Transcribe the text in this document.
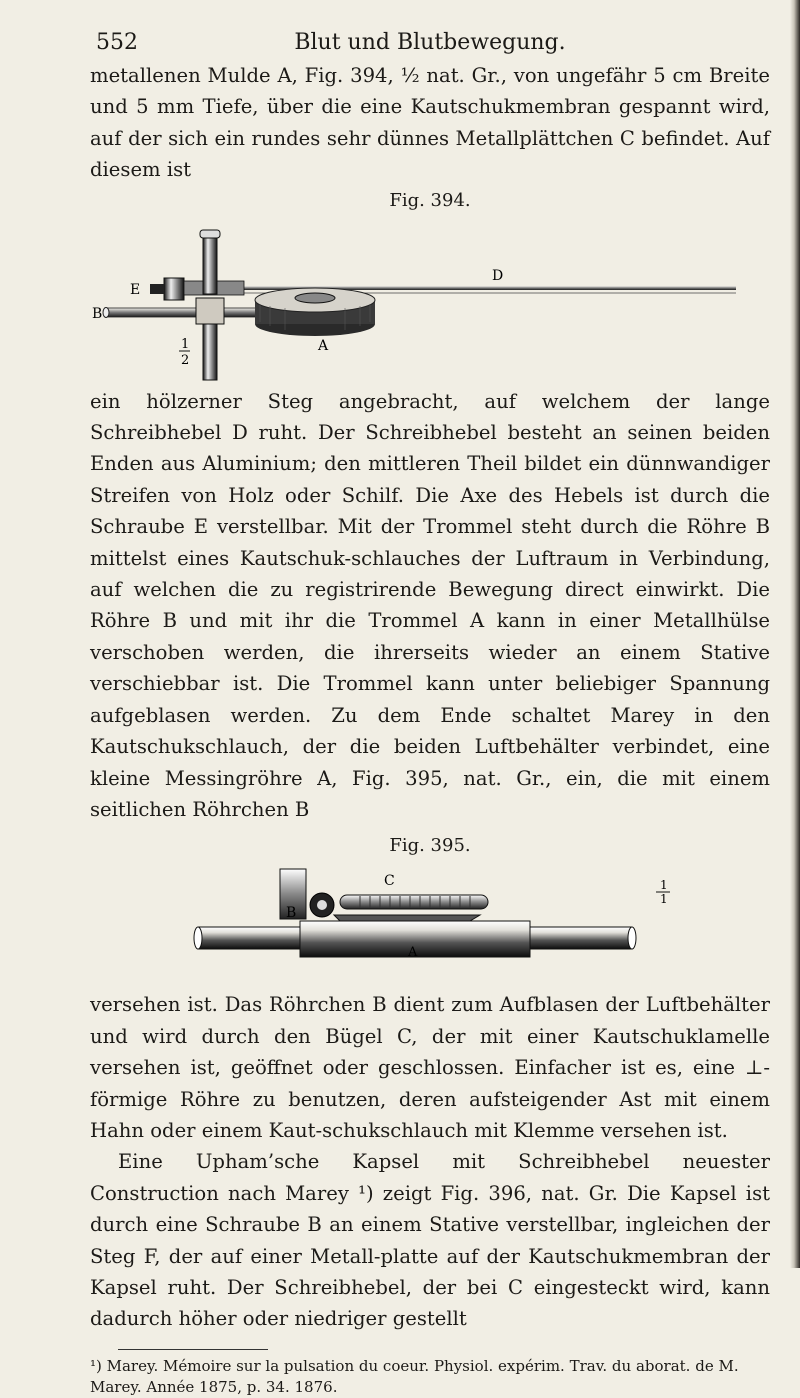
552	Blut und Blutbewegung.

metallenen Mulde A, Fig. 394, ½ nat. Gr., von ungefähr 5 cm Breite und 5 mm Tiefe, über die eine Kautschukmembran gespannt wird, auf der sich ein rundes sehr dünnes Metallplättchen C befindet. Auf diesem ist

Fig. 394.
E
B
D
A
1
2

ein hölzerner Steg angebracht, auf welchem der lange Schreibhebel D ruht. Der Schreibhebel besteht an seinen beiden Enden aus Aluminium; den mittleren Theil bildet ein dünnwandiger Streifen von Holz oder Schilf. Die Axe des Hebels ist durch die Schraube E verstellbar. Mit der Trommel steht durch die Röhre B mittelst eines Kautschuk-schlauches der Luftraum in Verbindung, auf welchen die zu registrirende Bewegung direct einwirkt. Die Röhre B und mit ihr die Trommel A kann in einer Metallhülse verschoben werden, die ihrerseits wieder an einem Stative verschiebbar ist. Die Trommel kann unter beliebiger Spannung aufgeblasen werden. Zu dem Ende schaltet Marey in den Kautschukschlauch, der die beiden Luftbehälter verbindet, eine kleine Messingröhre A, Fig. 395, nat. Gr., ein, die mit einem seitlichen Röhrchen B

Fig. 395.
C
B
A
1
1

versehen ist. Das Röhrchen B dient zum Aufblasen der Luftbehälter und wird durch den Bügel C, der mit einer Kautschuklamelle versehen ist, geöffnet oder geschlossen. Einfacher ist es, eine ⊥-förmige Röhre zu benutzen, deren aufsteigender Ast mit einem Hahn oder einem Kaut-schukschlauch mit Klemme versehen ist.

Eine Upham’sche Kapsel mit Schreibhebel neuester Construction nach Marey ¹) zeigt Fig. 396, nat. Gr. Die Kapsel ist durch eine Schraube B an einem Stative verstellbar, ingleichen der Steg F, der auf einer Metall-platte auf der Kautschukmembran der Kapsel ruht. Der Schreibhebel, der bei C eingesteckt wird, kann dadurch höher oder niedriger gestellt

¹) Marey. Mémoire sur la pulsation du coeur. Physiol. expérim. Trav. du aborat. de M. Marey. Année 1875, p. 34. 1876.
